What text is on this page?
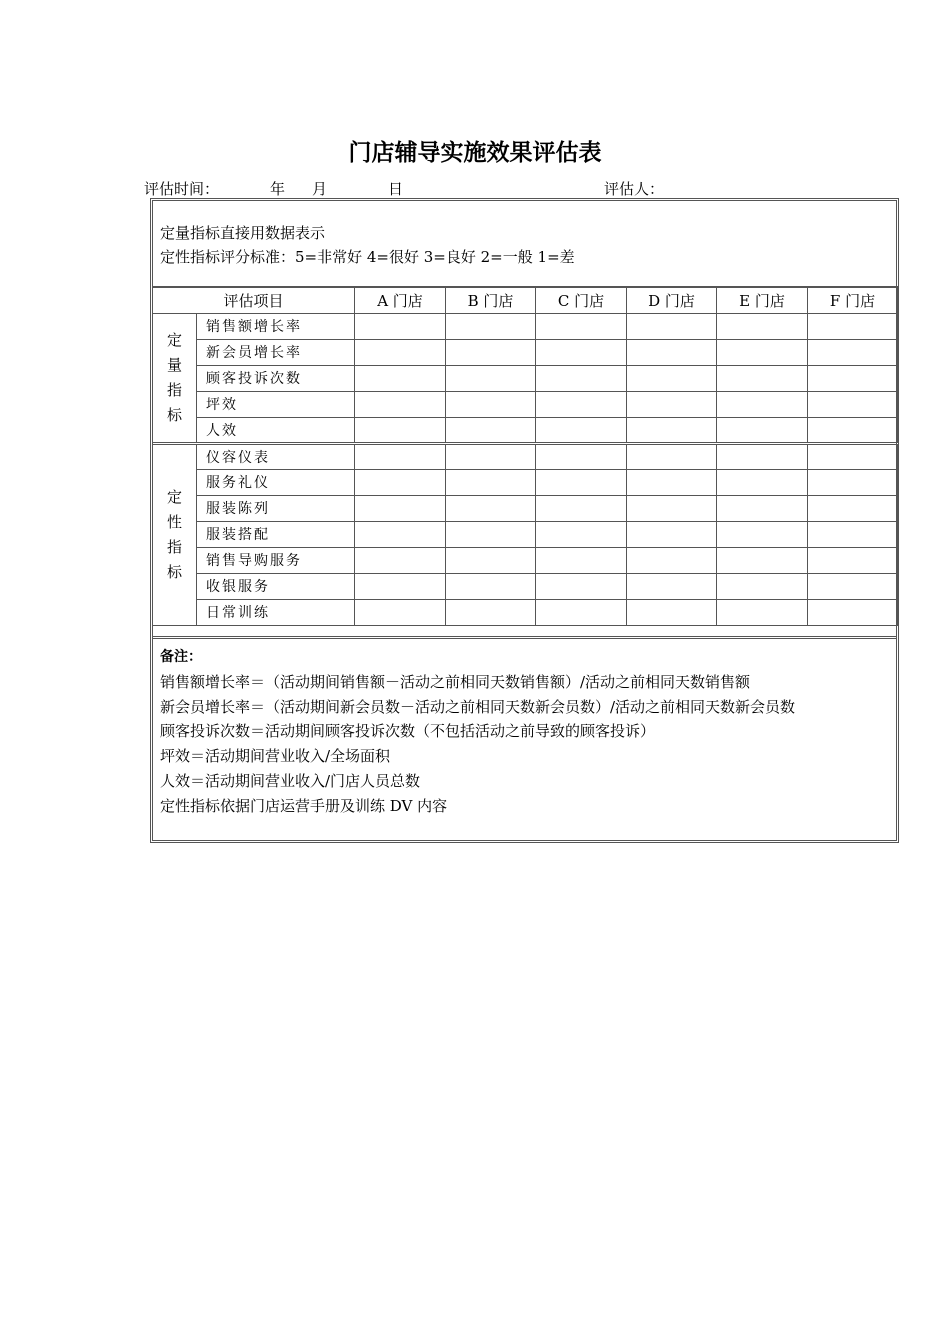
门店辅导实施效果评估表
评估时间：	年 月	日	评估人：
定量指标直接用数据表示
定性指标评分标准：5=非常好 4=很好 3=良好 2=一般 1=差
评估项目		A 门店	B 门店	C 门店	D 门店	E 门店	F 门店

定
量
指
标	销售额增长率						
	新会员增长率						
	顾客投诉次数						
	坪效						
	人效						

定
性
指
标	仪容仪表						
	服务礼仪						
	服装陈列						
	服装搭配						
	销售导购服务						
	收银服务						
	日常训练						
备注：
销售额增长率＝（活动期间销售额－活动之前相同天数销售额）/活动之前相同天数销售额
新会员增长率＝（活动期间新会员数－活动之前相同天数新会员数）/活动之前相同天数新会员数
顾客投诉次数＝活动期间顾客投诉次数（不包括活动之前导致的顾客投诉）
坪效＝活动期间营业收入/全场面积
人效＝活动期间营业收入/门店人员总数
定性指标依据门店运营手册及训练 DV 内容
